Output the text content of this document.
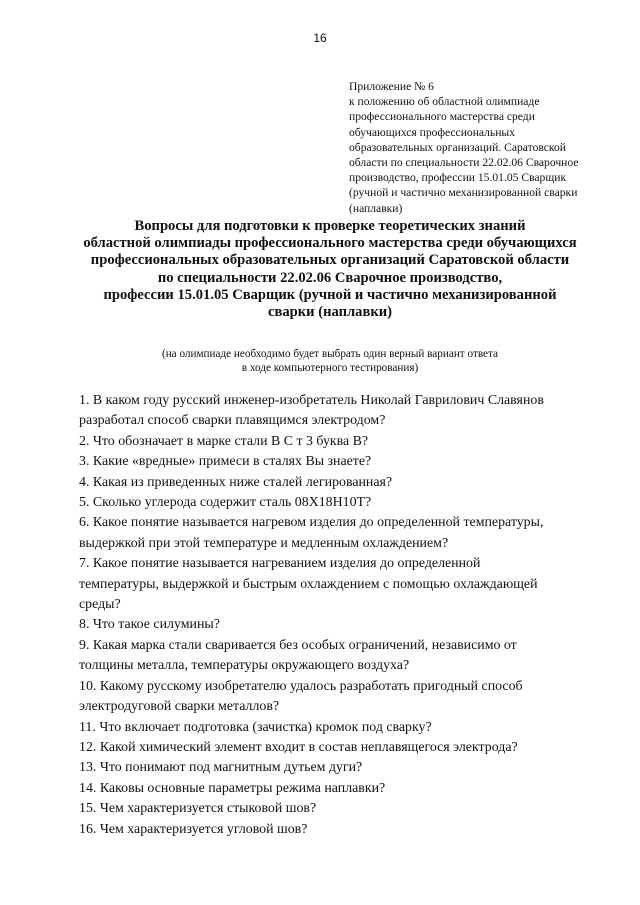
16
Приложение № 6
к положению об областной олимпиаде
профессионального мастерства среди
обучающихся профессиональных
образовательных организаций. Саратовской
области по специальности 22.02.06 Сварочное
производство, профессии 15.01.05 Сварщик
(ручной и частично механизированной сварки
(наплавки)
Вопросы для подготовки к проверке теоретических знаний
областной олимпиады профессионального мастерства среди обучающихся
профессиональных образовательных организаций Саратовской области
по специальности 22.02.06 Сварочное производство,
профессии 15.01.05 Сварщик (ручной и частично механизированной
сварки (наплавки)
(на олимпиаде необходимо будет выбрать один верный вариант ответа
в ходе компьютерного тестирования)
1. В каком году русский инженер-изобретатель Николай Гаврилович Славянов
разработал способ сварки плавящимся электродом?
2. Что обозначает в марке стали В С т 3 буква В?
3. Какие «вредные» примеси в сталях Вы знаете?
4. Какая из приведенных ниже сталей легированная?
5. Сколько углерода содержит сталь 08Х18Н10Т?
6. Какое понятие называется нагревом изделия до определенной температуры,
выдержкой при этой температуре и медленным охлаждением?
7. Какое понятие называется нагреванием изделия до определенной
температуры, выдержкой и быстрым охлаждением с помощью охлаждающей
среды?
8. Что такое силумины?
9. Какая марка стали сваривается без особых ограничений, независимо от
толщины металла, температуры окружающего воздуха?
10. Какому русскому изобретателю удалось разработать пригодный способ
электродуговой сварки металлов?
11. Что включает подготовка (зачистка) кромок под сварку?
12. Какой химический элемент входит в состав неплавящегося электрода?
13. Что понимают под магнитным дутьем дуги?
14. Каковы основные параметры режима наплавки?
15. Чем характеризуется стыковой шов?
16. Чем характеризуется угловой шов?
